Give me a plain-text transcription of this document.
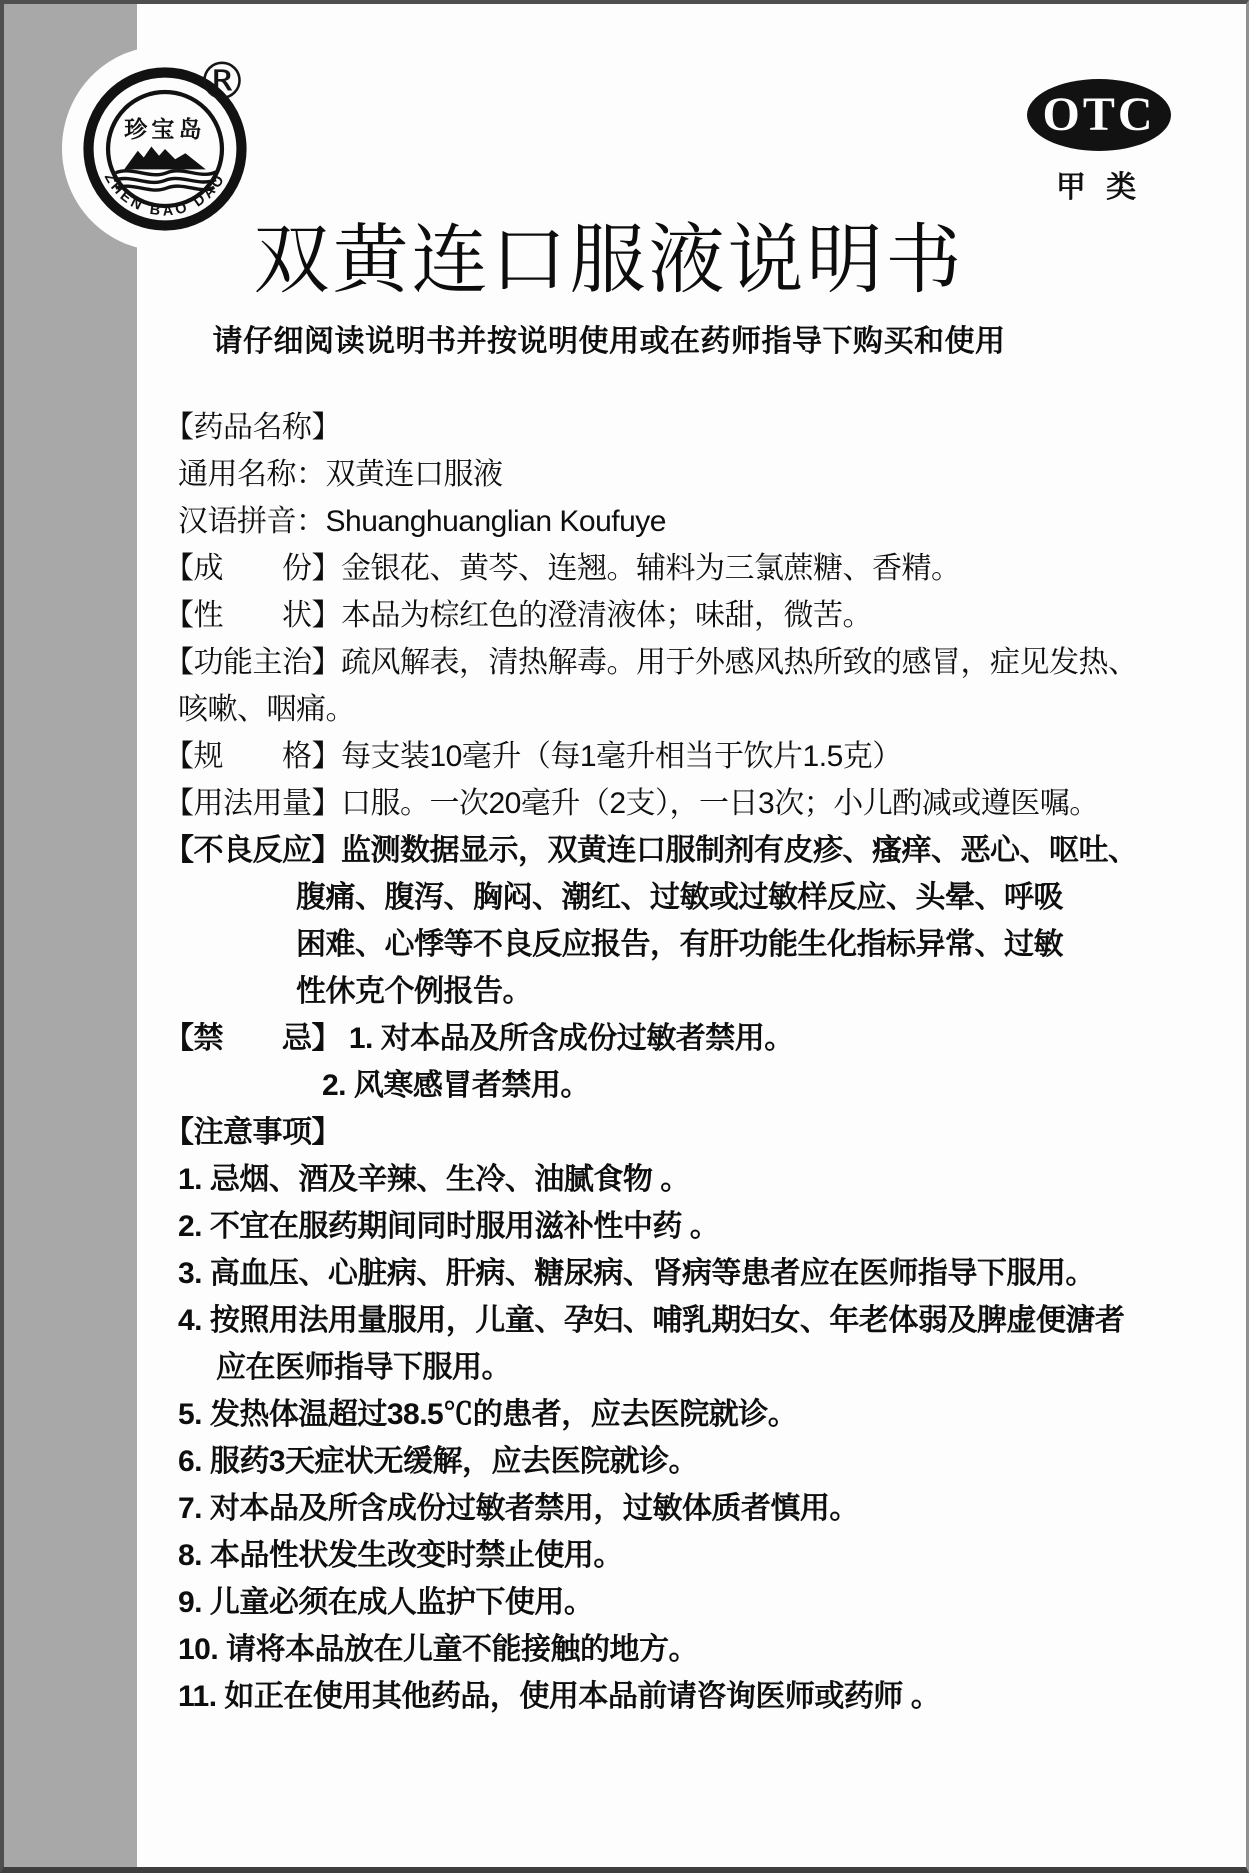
珍宝岛
ZHEN BAO DAO
®
OTC
甲 类
双黄连口服液说明书
请仔细阅读说明书并按说明使用或在药师指导下购买和使用
【药品名称】
通用名称：双黄连口服液
汉语拼音：Shuanghuanglian Koufuye
【成　　份】金银花、黄芩、连翘。辅料为三氯蔗糖、香精。
【性　　状】本品为棕红色的澄清液体；味甜，微苦。
【功能主治】疏风解表，清热解毒。用于外感风热所致的感冒，症见发热、
咳嗽、咽痛。
【规　　格】每支装10毫升（每1毫升相当于饮片1.5克）
【用法用量】口服。一次20毫升（2支），一日3次；小儿酌减或遵医嘱。
【不良反应】监测数据显示，双黄连口服制剂有皮疹、瘙痒、恶心、呕吐、
腹痛、腹泻、胸闷、潮红、过敏或过敏样反应、头晕、呼吸
困难、心悸等不良反应报告，有肝功能生化指标异常、过敏
性休克个例报告。
【禁　　忌】 1. 对本品及所含成份过敏者禁用。
2. 风寒感冒者禁用。
【注意事项】
1. 忌烟、酒及辛辣、生冷、油腻食物 。
2. 不宜在服药期间同时服用滋补性中药 。
3. 高血压、心脏病、肝病、糖尿病、肾病等患者应在医师指导下服用。
4. 按照用法用量服用，儿童、孕妇、哺乳期妇女、年老体弱及脾虚便溏者
应在医师指导下服用。
5. 发热体温超过38.5℃的患者，应去医院就诊。
6. 服药3天症状无缓解，应去医院就诊。
7. 对本品及所含成份过敏者禁用，过敏体质者慎用。
8. 本品性状发生改变时禁止使用。
9. 儿童必须在成人监护下使用。
10. 请将本品放在儿童不能接触的地方。
11. 如正在使用其他药品，使用本品前请咨询医师或药师 。
